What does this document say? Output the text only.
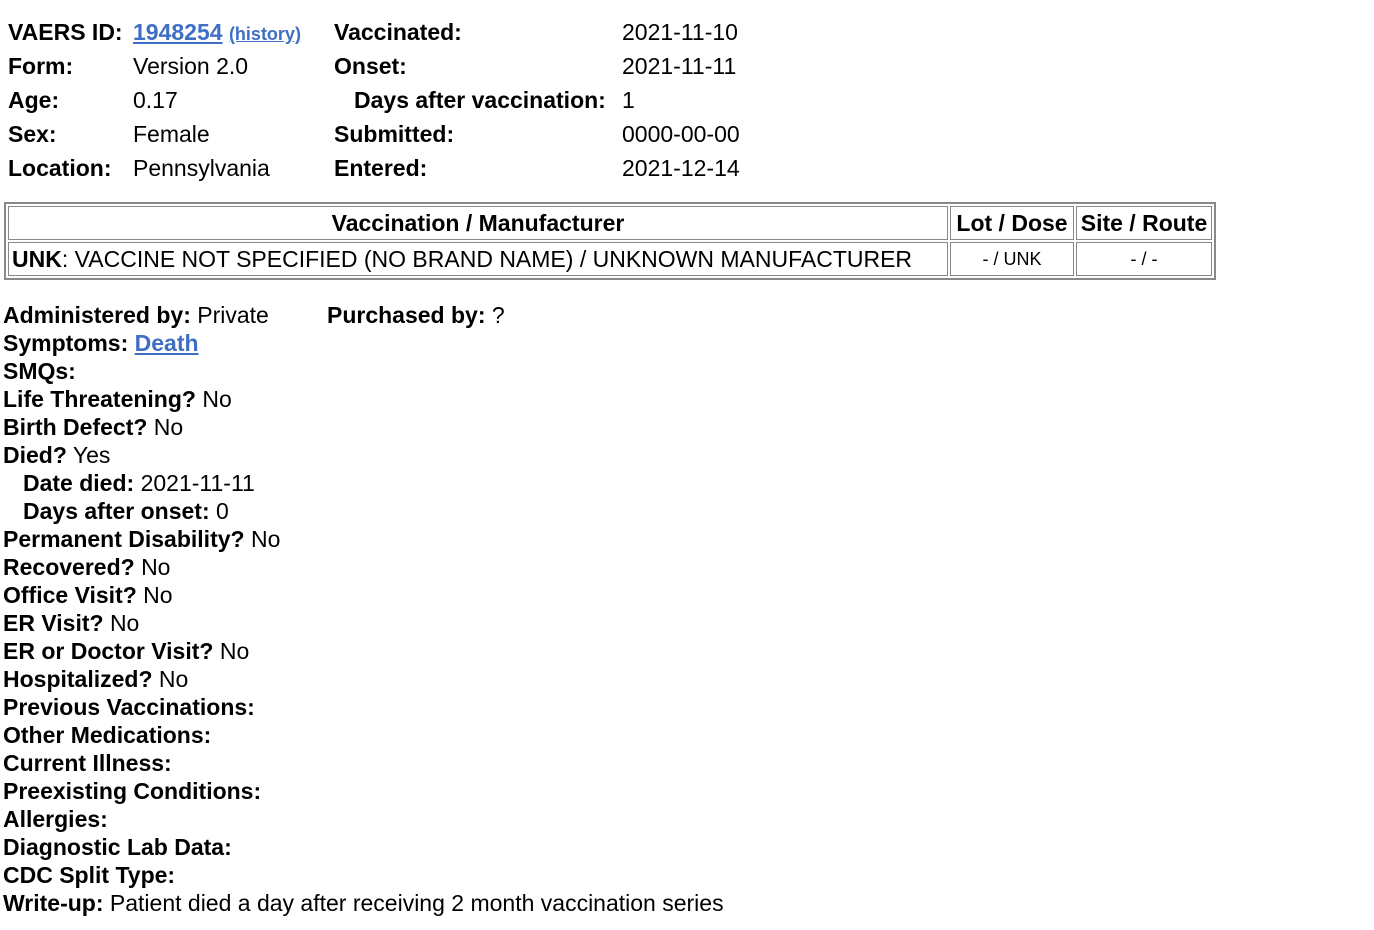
VAERS ID: 1948254 (history) Vaccinated:	2021-11-10
Form:	Version 2.0	Onset:	2021-11-11
Age:	0.17	Days after vaccination: 1
Sex:	Female	Submitted:	0000-00-00
Location: Pennsylvania	Entered:	2021-12-14
Vaccination / Manufacturer	Lot / Dose	Site / Route
UNK: VACCINE NOT SPECIFIED (NO BRAND NAME) / UNKNOWN MANUFACTURER	- / UNK	- / -
Administered by: Private	Purchased by: ?
Symptoms: Death
SMQs:
Life Threatening? No
Birth Defect? No
Died? Yes
Date died: 2021-11-11
Days after onset: 0
Permanent Disability? No
Recovered? No
Office Visit? No
ER Visit? No
ER or Doctor Visit? No
Hospitalized? No
Previous Vaccinations:
Other Medications:
Current Illness:
Preexisting Conditions:
Allergies:
Diagnostic Lab Data:
CDC Split Type:
Write-up: Patient died a day after receiving 2 month vaccination series
